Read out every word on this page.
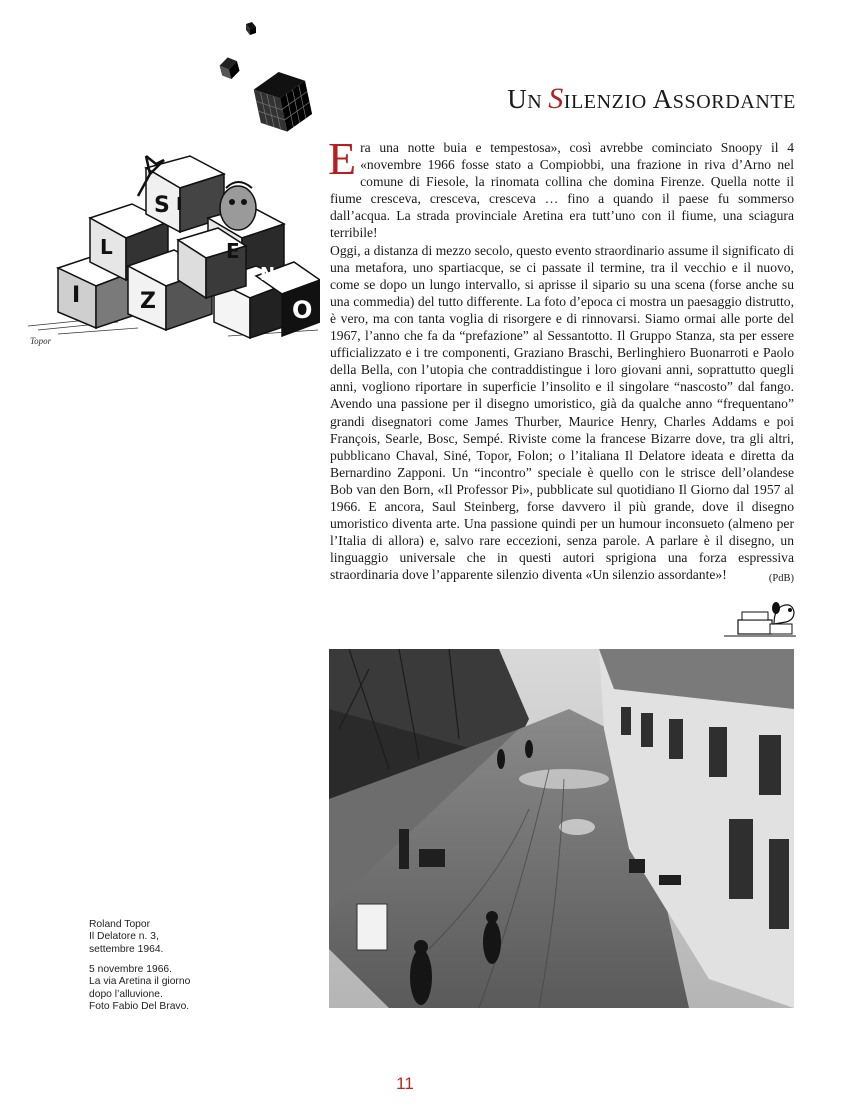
S I
L	E
N
Z
I
O
Topor
UN SILENZIO ASSORDANTE

Era una notte buia e tempestosa», così avrebbe cominciato Snoopy il 4 «novembre 1966 fosse stato a Compiobbi, una frazione in riva d’Arno nel comune di Fiesole, la rinomata collina che domina Firenze. Quella notte il fiume cresceva, cresceva, cresceva … fino a quando il paese fu sommerso dall’acqua. La strada provinciale Aretina era tutt’uno con il fiume, una sciagura terribile!

Oggi, a distanza di mezzo secolo, questo evento straordinario assume il significato di una metafora, uno spartiacque, se ci passate il termine, tra il vecchio e il nuovo, come se dopo un lungo intervallo, si aprisse il sipario su una scena (forse anche su una commedia) del tutto differente. La foto d’epoca ci mostra un paesaggio distrutto, è vero, ma con tanta voglia di risorgere e di rinnovarsi. Siamo ormai alle porte del 1967, l’anno che fa da “prefazione” al Sessantotto. Il Gruppo Stanza, sta per essere ufficializzato e i tre componenti, Graziano Braschi, Berlinghiero Buonarroti e Paolo della Bella, con l’utopia che contraddistingue i loro giovani anni, soprattutto quegli anni, vogliono riportare in superficie l’insolito e il singolare “nascosto” dal fango. Avendo una passione per il disegno umoristico, già da qualche anno “frequentano” grandi disegnatori come James Thurber, Maurice Henry, Charles Addams e poi François, Searle, Bosc, Sempé. Riviste come la francese Bizarre dove, tra gli altri, pubblicano Chaval, Siné, Topor, Folon; o l’italiana Il Delatore ideata e diretta da Bernardino Zapponi. Un “incontro” speciale è quello con le strisce dell’olandese Bob van den Born, «Il Professor Pi», pubblicate sul quotidiano Il Giorno dal 1957 al 1966. E ancora, Saul Steinberg, forse davvero il più grande, dove il disegno umoristico diventa arte. Una passione quindi per un humour inconsueto (almeno per l’Italia di allora) e, salvo rare eccezioni, senza parole. A parlare è il disegno, un linguaggio universale che in questi autori sprigiona una forza espressiva straordinaria dove l’apparente silenzio diventa «Un silenzio assordante»!	(PdB)
Roland Topor
Il Delatore n. 3,
settembre 1964.
5 novembre 1966.
La via Aretina il giorno
dopo l’alluvione.
Foto Fabio Del Bravo.
11
